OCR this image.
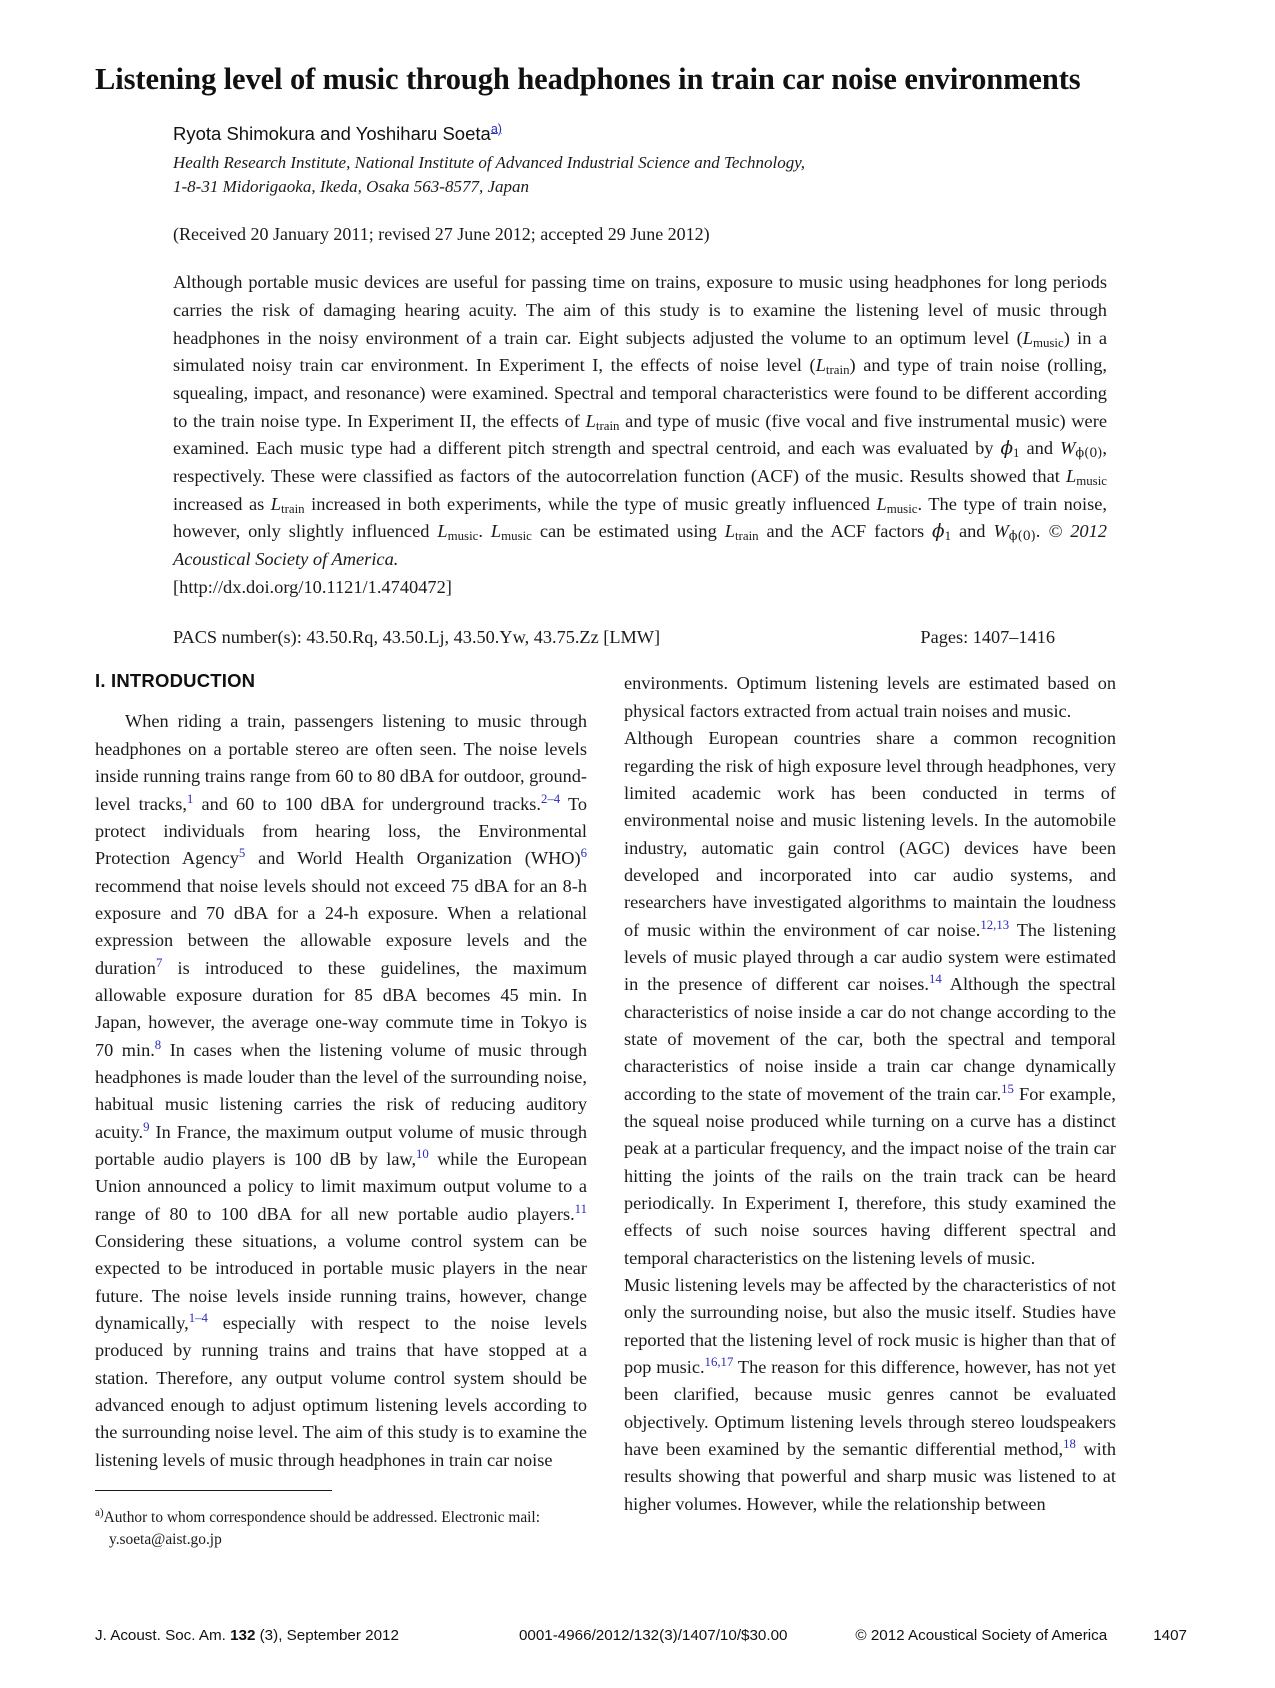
Listening level of music through headphones in train car noise environments

Ryota Shimokura and Yoshiharu Soeta$^{a)}$

Health Research Institute, National Institute of Advanced Industrial Science and Technology,
1-8-31 Midorigaoka, Ikeda, Osaka 563-8577, Japan

(Received 20 January 2011; revised 27 June 2012; accepted 29 June 2012)

Although portable music devices are useful for passing time on trains, exposure to music using headphones for long periods carries the risk of damaging hearing acuity. The aim of this study is to examine the listening level of music through headphones in the noisy environment of a train car. Eight subjects adjusted the volume to an optimum level $(L_{music})$ in a simulated noisy train car environment. In Experiment I, the effects of noise level $(L_{train})$ and type of train noise (rolling, squealing, impact, and resonance) were examined. Spectral and temporal characteristics were found to be different according to the train noise type. In Experiment II, the effects of $L_{train}$ and type of music (five vocal and five instrumental music) were examined. Each music type had a different pitch strength and spectral centroid, and each was evaluated by $\phi_1$ and $W_{\phi(0)}$, respectively. These were classified as factors of the autocorrelation function (ACF) of the music. Results showed that $L_{music}$ increased as $L_{train}$ increased in both experiments, while the type of music greatly influenced $L_{music}$. The type of train noise, however, only slightly influenced $L_{music}$. $L_{music}$ can be estimated using $L_{train}$ and the ACF factors $\phi_1$ and $W_{\phi(0)}$. © 2012 Acoustical Society of America.
[http://dx.doi.org/10.1121/1.4740472]
PACS number(s): 43.50.Rq, 43.50.Lj, 43.50.Yw, 43.75.Zz [LMW]	Pages: 1407–1416
I. INTRODUCTION

When riding a train, passengers listening to music through headphones on a portable stereo are often seen. The noise levels inside running trains range from 60 to 80 dBA for outdoor, ground-level tracks,$^1$ and 60 to 100 dBA for underground tracks.$^{2-4}$ To protect individuals from hearing loss, the Environmental Protection Agency$^5$ and World Health Organization (WHO)$^6$ recommend that noise levels should not exceed 75 dBA for an 8-h exposure and 70 dBA for a 24-h exposure. When a relational expression between the allowable exposure levels and the duration$^7$ is introduced to these guidelines, the maximum allowable exposure duration for 85 dBA becomes 45 min. In Japan, however, the average one-way commute time in Tokyo is 70 min.$^8$ In cases when the listening volume of music through headphones is made louder than the level of the surrounding noise, habitual music listening carries the risk of reducing auditory acuity.$^9$ In France, the maximum output volume of music through portable audio players is 100 dB by law,$^{10}$ while the European Union announced a policy to limit maximum output volume to a range of 80 to 100 dBA for all new portable audio players.$^{11}$ Considering these situations, a volume control system can be expected to be introduced in portable music players in the near future. The noise levels inside running trains, however, change dynamically,$^{1-4}$ especially with respect to the noise levels produced by running trains and trains that have stopped at a station. Therefore, any output volume control system should be advanced enough to adjust optimum listening levels according to the surrounding noise level. The aim of this study is to examine the listening levels of music through headphones in train car noise

$^{a)}$Author to whom correspondence should be addressed. Electronic mail:
y.soeta@aist.go.jp

environments. Optimum listening levels are estimated based on physical factors extracted from actual train noises and music.

Although European countries share a common recognition regarding the risk of high exposure level through headphones, very limited academic work has been conducted in terms of environmental noise and music listening levels. In the automobile industry, automatic gain control (AGC) devices have been developed and incorporated into car audio systems, and researchers have investigated algorithms to maintain the loudness of music within the environment of car noise.$^{12,13}$ The listening levels of music played through a car audio system were estimated in the presence of different car noises.$^{14}$ Although the spectral characteristics of noise inside a car do not change according to the state of movement of the car, both the spectral and temporal characteristics of noise inside a train car change dynamically according to the state of movement of the train car.$^{15}$ For example, the squeal noise produced while turning on a curve has a distinct peak at a particular frequency, and the impact noise of the train car hitting the joints of the rails on the train track can be heard periodically. In Experiment I, therefore, this study examined the effects of such noise sources having different spectral and temporal characteristics on the listening levels of music.

Music listening levels may be affected by the characteristics of not only the surrounding noise, but also the music itself. Studies have reported that the listening level of rock music is higher than that of pop music.$^{16,17}$ The reason for this difference, however, has not yet been clarified, because music genres cannot be evaluated objectively. Optimum listening levels through stereo loudspeakers have been examined by the semantic differential method,$^{18}$ with results showing that powerful and sharp music was listened to at higher volumes. However, while the relationship between

J. Acoust. Soc. Am. 132 (3), September 2012	0001-4966/2012/132(3)/1407/10/$30.00	© 2012 Acoustical Society of America	1407
